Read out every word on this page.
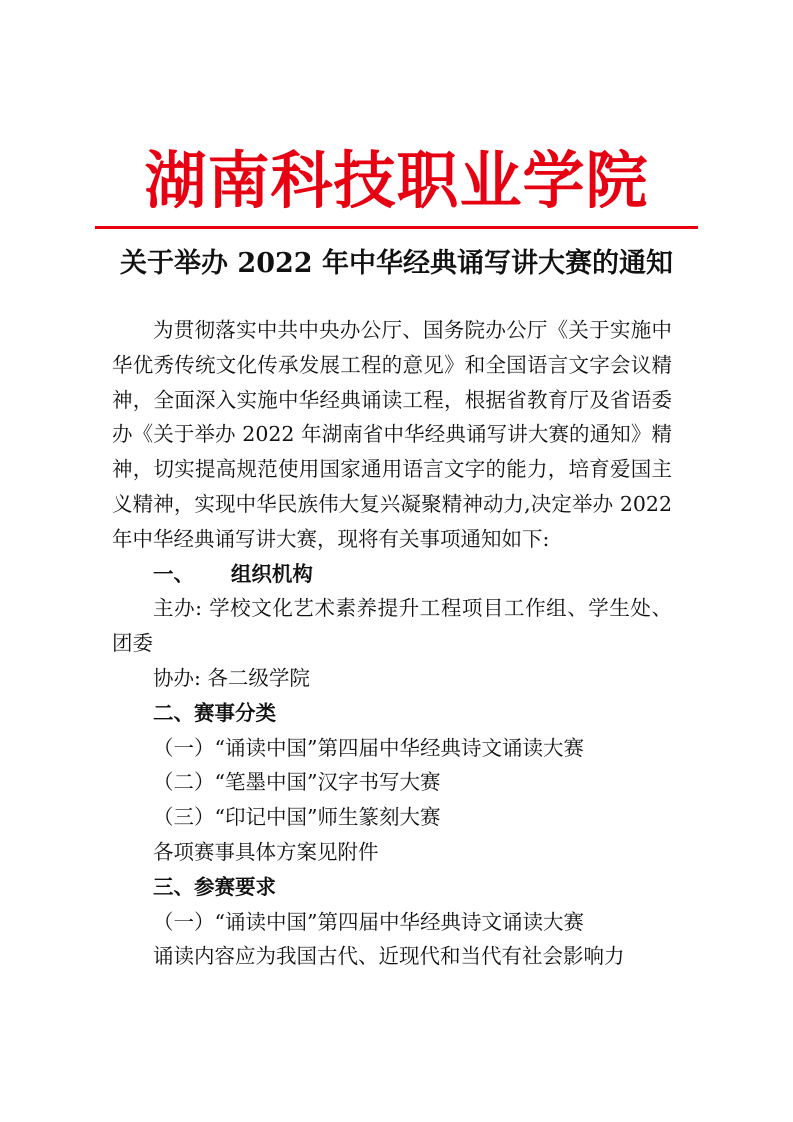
湖南科技职业学院
关于举办 2022 年中华经典诵写讲大赛的通知

为贯彻落实中共中央办公厅、国务院办公厅《关于实施中华优秀传统文化传承发展工程的意见》和全国语言文字会议精神，全面深入实施中华经典诵读工程，根据省教育厅及省语委办《关于举办 2022 年湖南省中华经典诵写讲大赛的通知》精神，切实提高规范使用国家通用语言文字的能力，培育爱国主义精神，实现中华民族伟大复兴凝聚精神动力,决定举办 2022 年中华经典诵写讲大赛，现将有关事项通知如下:

一、 组织机构

主办: 学校文化艺术素养提升工程项目工作组、学生处、团委

协办: 各二级学院

二、赛事分类

（一）“诵读中国”第四届中华经典诗文诵读大赛

（二）“笔墨中国”汉字书写大赛

（三）“印记中国”师生篆刻大赛

各项赛事具体方案见附件

三、参赛要求

（一）“诵读中国”第四届中华经典诗文诵读大赛

诵读内容应为我国古代、近现代和当代有社会影响力
